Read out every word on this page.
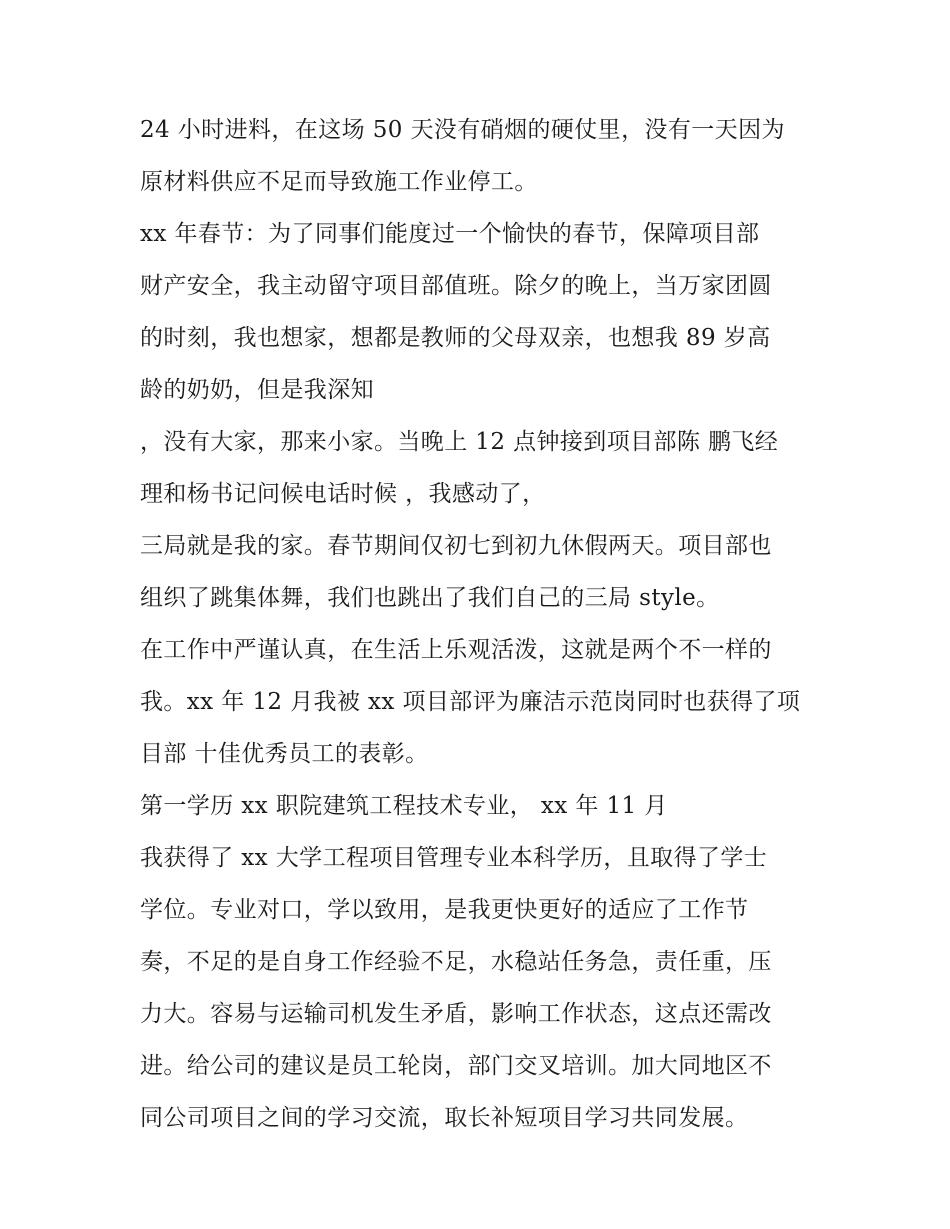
24 小时进料，在这场 50 天没有硝烟的硬仗里，没有一天因为
原材料供应不足而导致施工作业停工。
xx 年春节：为了同事们能度过一个愉快的春节，保障项目部
财产安全，我主动留守项目部值班。除夕的晚上，当万家团圆
的时刻，我也想家，想都是教师的父母双亲，也想我 89 岁高
龄的奶奶，但是我深知
，没有大家，那来小家。当晚上 12 点钟接到项目部陈 鹏飞经
理和杨书记问候电话时候 ，我感动了，
三局就是我的家。春节期间仅初七到初九休假两天。项目部也
组织了跳集体舞，我们也跳出了我们自己的三局 style。
在工作中严谨认真，在生活上乐观活泼，这就是两个不一样的
我。xx 年 12 月我被 xx 项目部评为廉洁示范岗同时也获得了项
目部 十佳优秀员工的表彰。
第一学历 xx 职院建筑工程技术专业， xx 年 11 月
我获得了 xx 大学工程项目管理专业本科学历，且取得了学士
学位。专业对口，学以致用，是我更快更好的适应了工作节
奏，不足的是自身工作经验不足，水稳站任务急，责任重，压
力大。容易与运输司机发生矛盾，影响工作状态，这点还需改
进。给公司的建议是员工轮岗，部门交叉培训。加大同地区不
同公司项目之间的学习交流，取长补短项目学习共同发展。
